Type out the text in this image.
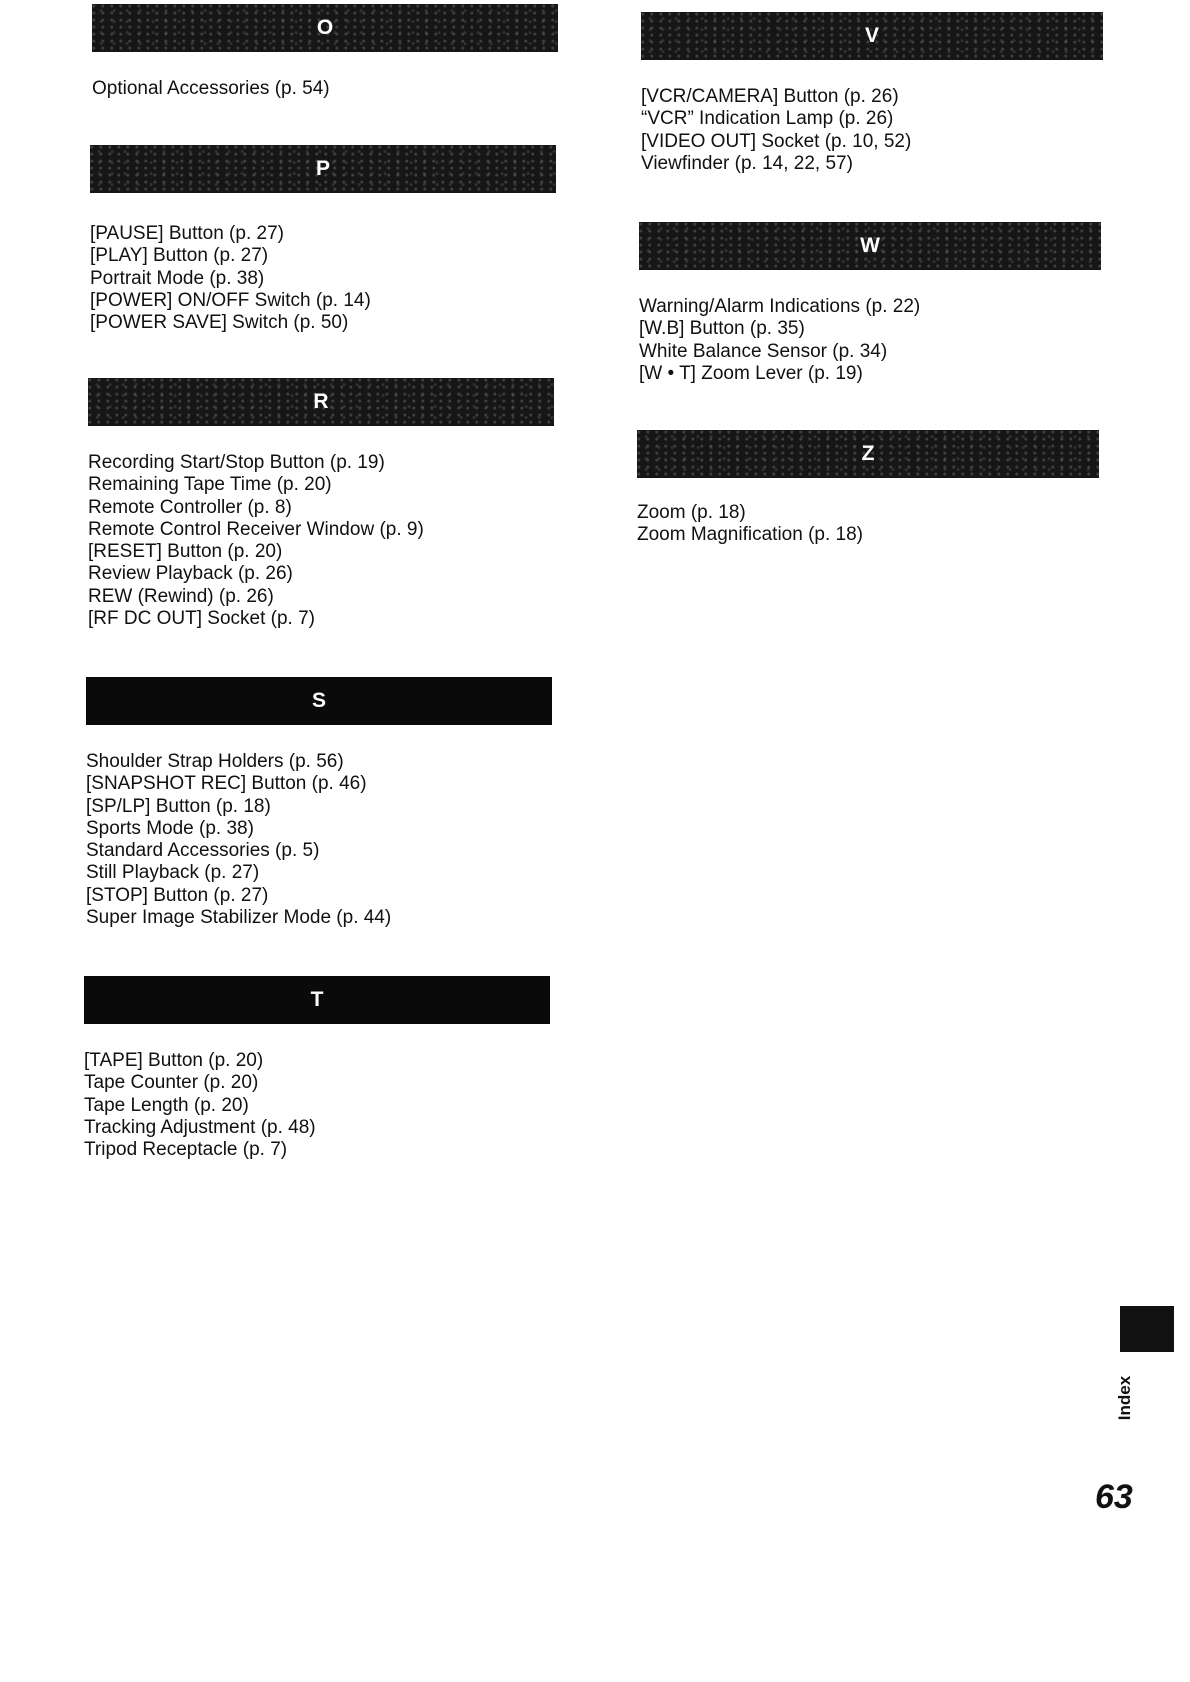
O
Optional Accessories (p. 54)
P
[PAUSE] Button (p. 27)
[PLAY] Button (p. 27)
Portrait Mode (p. 38)
[POWER] ON/OFF Switch (p. 14)
[POWER SAVE] Switch (p. 50)
R
Recording Start/Stop Button (p. 19)
Remaining Tape Time (p. 20)
Remote Controller (p. 8)
Remote Control Receiver Window (p. 9)
[RESET] Button (p. 20)
Review Playback (p. 26)
REW (Rewind) (p. 26)
[RF DC OUT] Socket (p. 7)
S
Shoulder Strap Holders (p. 56)
[SNAPSHOT REC] Button (p. 46)
[SP/LP] Button (p. 18)
Sports Mode (p. 38)
Standard Accessories (p. 5)
Still Playback (p. 27)
[STOP] Button (p. 27)
Super Image Stabilizer Mode (p. 44)
T
[TAPE] Button (p. 20)
Tape Counter (p. 20)
Tape Length (p. 20)
Tracking Adjustment (p. 48)
Tripod Receptacle (p. 7)
V
[VCR/CAMERA] Button (p. 26)
“VCR” Indication Lamp (p. 26)
[VIDEO OUT] Socket (p. 10, 52)
Viewfinder (p. 14, 22, 57)
W
Warning/Alarm Indications (p. 22)
[W.B] Button (p. 35)
White Balance Sensor (p. 34)
[W • T] Zoom Lever (p. 19)
Z
Zoom (p. 18)
Zoom Magnification (p. 18)
Index
63
